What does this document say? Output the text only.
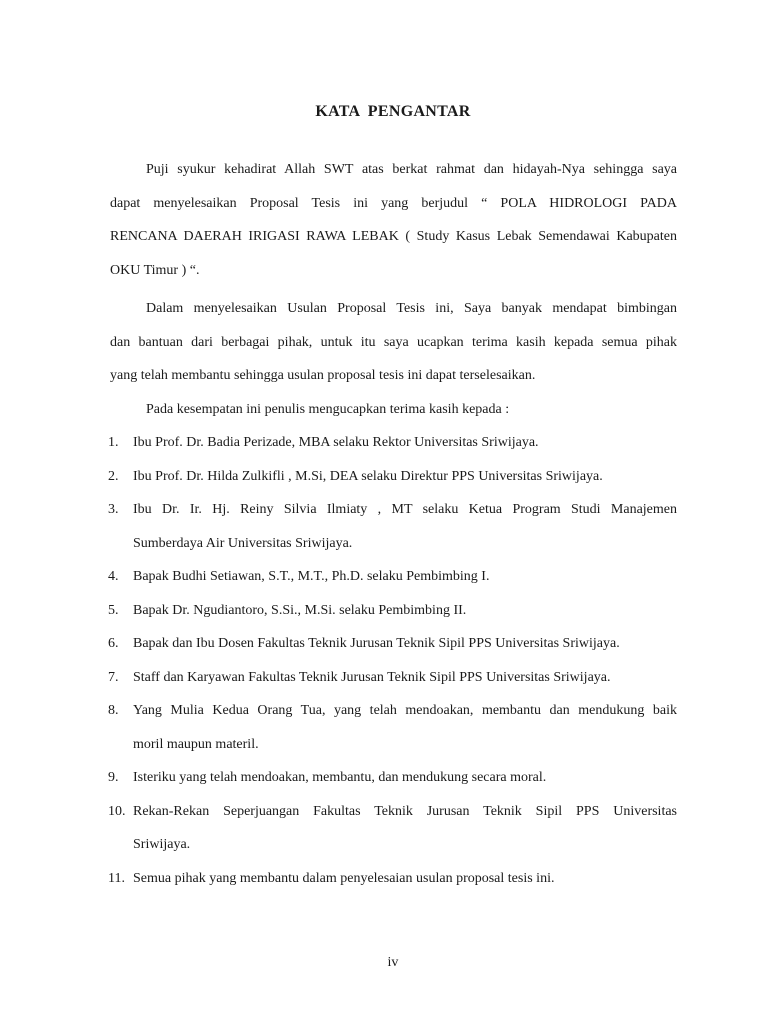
KATA PENGANTAR
Puji syukur kehadirat Allah SWT atas berkat rahmat dan hidayah-Nya sehingga saya
dapat menyelesaikan Proposal Tesis ini yang berjudul “ POLA HIDROLOGI PADA
RENCANA DAERAH IRIGASI RAWA LEBAK ( Study Kasus Lebak Semendawai Kabupaten
OKU Timur ) “.
Dalam menyelesaikan Usulan Proposal Tesis ini, Saya banyak mendapat bimbingan
dan bantuan dari berbagai pihak, untuk itu saya ucapkan terima kasih kepada semua pihak
yang telah membantu sehingga usulan proposal tesis ini dapat terselesaikan.
Pada kesempatan ini penulis mengucapkan terima kasih kepada :
1. Ibu Prof. Dr. Badia Perizade, MBA selaku Rektor Universitas Sriwijaya.
2. Ibu Prof. Dr. Hilda Zulkifli , M.Si, DEA selaku Direktur PPS Universitas Sriwijaya.
3. Ibu Dr. Ir. Hj. Reiny Silvia Ilmiaty , MT selaku Ketua Program Studi Manajemen
Sumberdaya Air Universitas Sriwijaya.
4. Bapak Budhi Setiawan, S.T., M.T., Ph.D. selaku Pembimbing I.
5. Bapak Dr. Ngudiantoro, S.Si., M.Si. selaku Pembimbing II.
6. Bapak dan Ibu Dosen Fakultas Teknik Jurusan Teknik Sipil PPS Universitas Sriwijaya.
7. Staff dan Karyawan Fakultas Teknik Jurusan Teknik Sipil PPS Universitas Sriwijaya.
8. Yang Mulia Kedua Orang Tua, yang telah mendoakan, membantu dan mendukung baik
moril maupun materil.
9. Isteriku yang telah mendoakan, membantu, dan mendukung secara moral.
10. Rekan-Rekan Seperjuangan Fakultas Teknik Jurusan Teknik Sipil PPS Universitas
Sriwijaya.
11. Semua pihak yang membantu dalam penyelesaian usulan proposal tesis ini.
iv
